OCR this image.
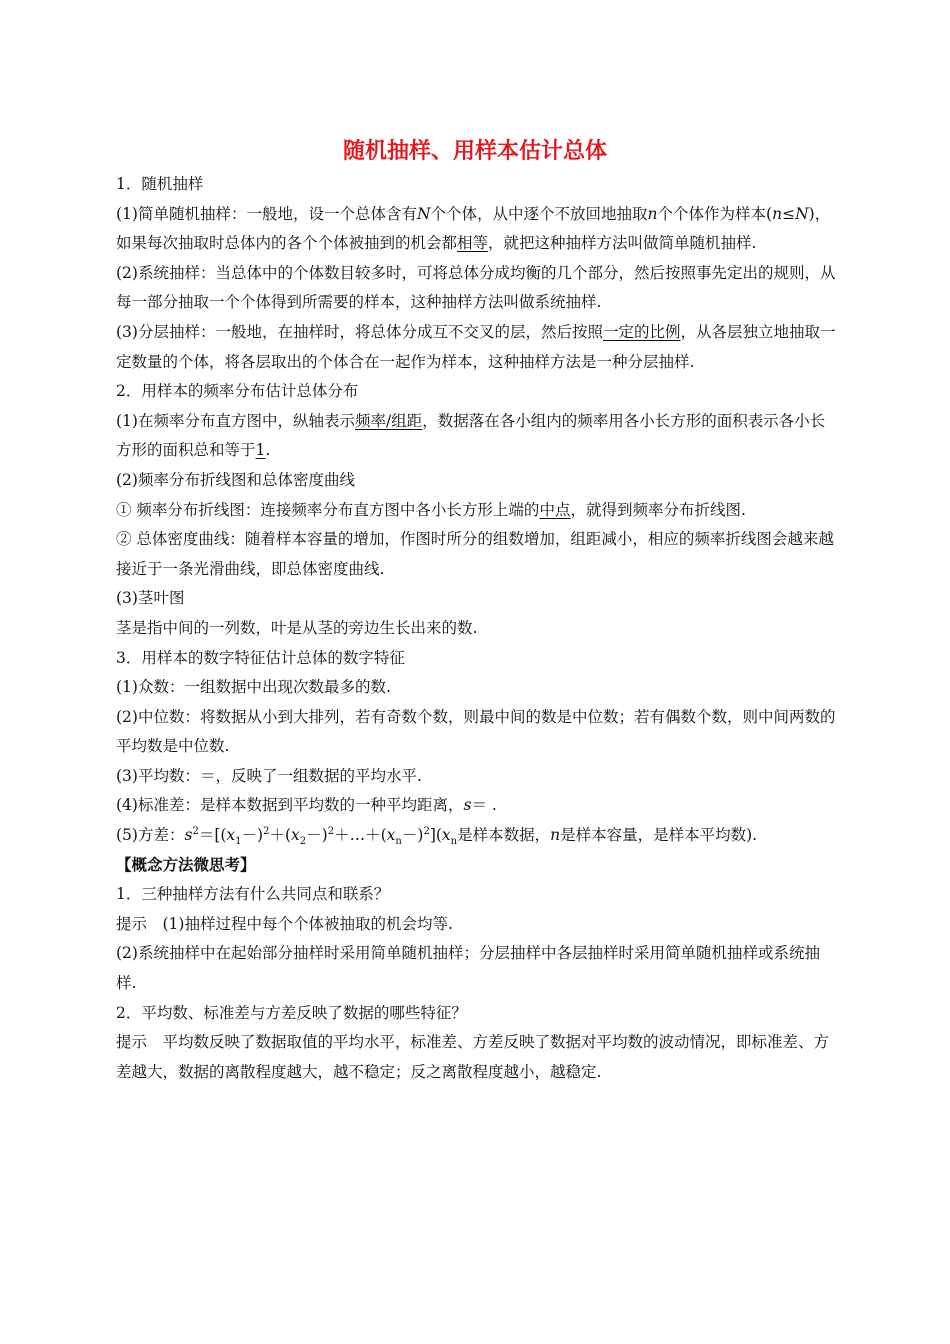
随机抽样、用样本估计总体

1．随机抽样

(1)简单随机抽样：一般地，设一个总体含有N个个体，从中逐个不放回地抽取n个个体作为样本(n≤N)，如果每次抽取时总体内的各个个体被抽到的机会都相等，就把这种抽样方法叫做简单随机抽样.

(2)系统抽样：当总体中的个体数目较多时，可将总体分成均衡的几个部分，然后按照事先定出的规则，从每一部分抽取一个个体得到所需要的样本，这种抽样方法叫做系统抽样.

(3)分层抽样：一般地，在抽样时，将总体分成互不交叉的层，然后按照一定的比例，从各层独立地抽取一定数量的个体，将各层取出的个体合在一起作为样本，这种抽样方法是一种分层抽样.

2．用样本的频率分布估计总体分布

(1)在频率分布直方图中，纵轴表示频率/组距，数据落在各小组内的频率用各小长方形的面积表示各小长方形的面积总和等于1.

(2)频率分布折线图和总体密度曲线

① 频率分布折线图：连接频率分布直方图中各小长方形上端的中点，就得到频率分布折线图.

② 总体密度曲线：随着样本容量的增加，作图时所分的组数增加，组距减小，相应的频率折线图会越来越接近于一条光滑曲线，即总体密度曲线.

(3)茎叶图

茎是指中间的一列数，叶是从茎的旁边生长出来的数.

3．用样本的数字特征估计总体的数字特征

(1)众数：一组数据中出现次数最多的数.

(2)中位数：将数据从小到大排列，若有奇数个数，则最中间的数是中位数；若有偶数个数，则中间两数的平均数是中位数.

(3)平均数：＝，反映了一组数据的平均水平.

(4)标准差：是样本数据到平均数的一种平均距离，s＝ .

(5)方差：$s^2=[(x_1-)^2+(x_2-)^2+\dots+(x_n-)^2](x_n$是样本数据，n是样本容量，是样本平均数).

【概念方法微思考】

1．三种抽样方法有什么共同点和联系？

提示　(1)抽样过程中每个个体被抽取的机会均等.

(2)系统抽样中在起始部分抽样时采用简单随机抽样；分层抽样中各层抽样时采用简单随机抽样或系统抽样.

2．平均数、标准差与方差反映了数据的哪些特征？

提示　平均数反映了数据取值的平均水平，标准差、方差反映了数据对平均数的波动情况，即标准差、方差越大，数据的离散程度越大，越不稳定；反之离散程度越小，越稳定.
